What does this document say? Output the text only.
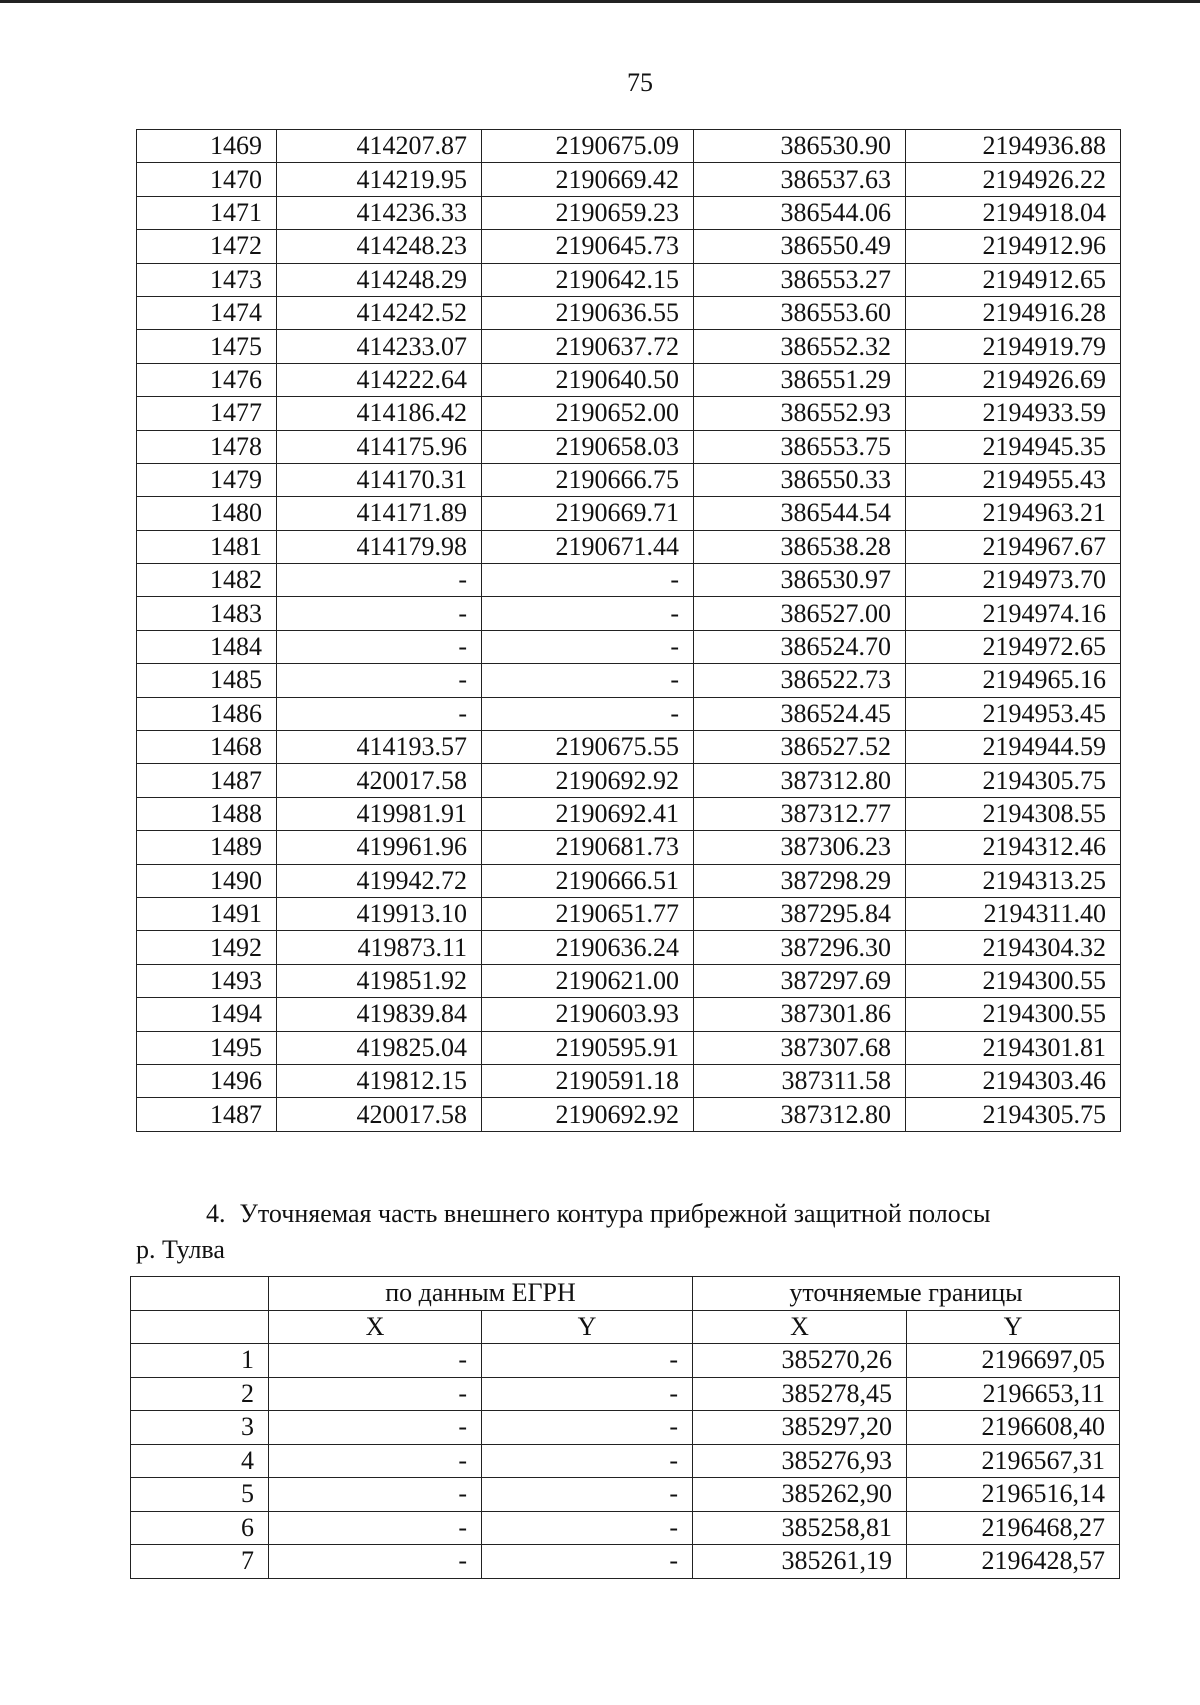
75
1469	414207.87	2190675.09	386530.90	2194936.88
1470	414219.95	2190669.42	386537.63	2194926.22
1471	414236.33	2190659.23	386544.06	2194918.04
1472	414248.23	2190645.73	386550.49	2194912.96
1473	414248.29	2190642.15	386553.27	2194912.65
1474	414242.52	2190636.55	386553.60	2194916.28
1475	414233.07	2190637.72	386552.32	2194919.79
1476	414222.64	2190640.50	386551.29	2194926.69
1477	414186.42	2190652.00	386552.93	2194933.59
1478	414175.96	2190658.03	386553.75	2194945.35
1479	414170.31	2190666.75	386550.33	2194955.43
1480	414171.89	2190669.71	386544.54	2194963.21
1481	414179.98	2190671.44	386538.28	2194967.67
1482	-	-	386530.97	2194973.70
1483	-	-	386527.00	2194974.16
1484	-	-	386524.70	2194972.65
1485	-	-	386522.73	2194965.16
1486	-	-	386524.45	2194953.45
1468	414193.57	2190675.55	386527.52	2194944.59
1487	420017.58	2190692.92	387312.80	2194305.75
1488	419981.91	2190692.41	387312.77	2194308.55
1489	419961.96	2190681.73	387306.23	2194312.46
1490	419942.72	2190666.51	387298.29	2194313.25
1491	419913.10	2190651.77	387295.84	2194311.40
1492	419873.11	2190636.24	387296.30	2194304.32
1493	419851.92	2190621.00	387297.69	2194300.55
1494	419839.84	2190603.93	387301.86	2194300.55
1495	419825.04	2190595.91	387307.68	2194301.81
1496	419812.15	2190591.18	387311.58	2194303.46
1487	420017.58	2190692.92	387312.80	2194305.75
4. Уточняемая часть внешнего контура прибрежной защитной полосы
р. Тулва
	по данным ЕГРН		уточняемые границы	
	X	Y	X	Y
1	-	-	385270,26	2196697,05
2	-	-	385278,45	2196653,11
3	-	-	385297,20	2196608,40
4	-	-	385276,93	2196567,31
5	-	-	385262,90	2196516,14
6	-	-	385258,81	2196468,27
7	-	-	385261,19	2196428,57
